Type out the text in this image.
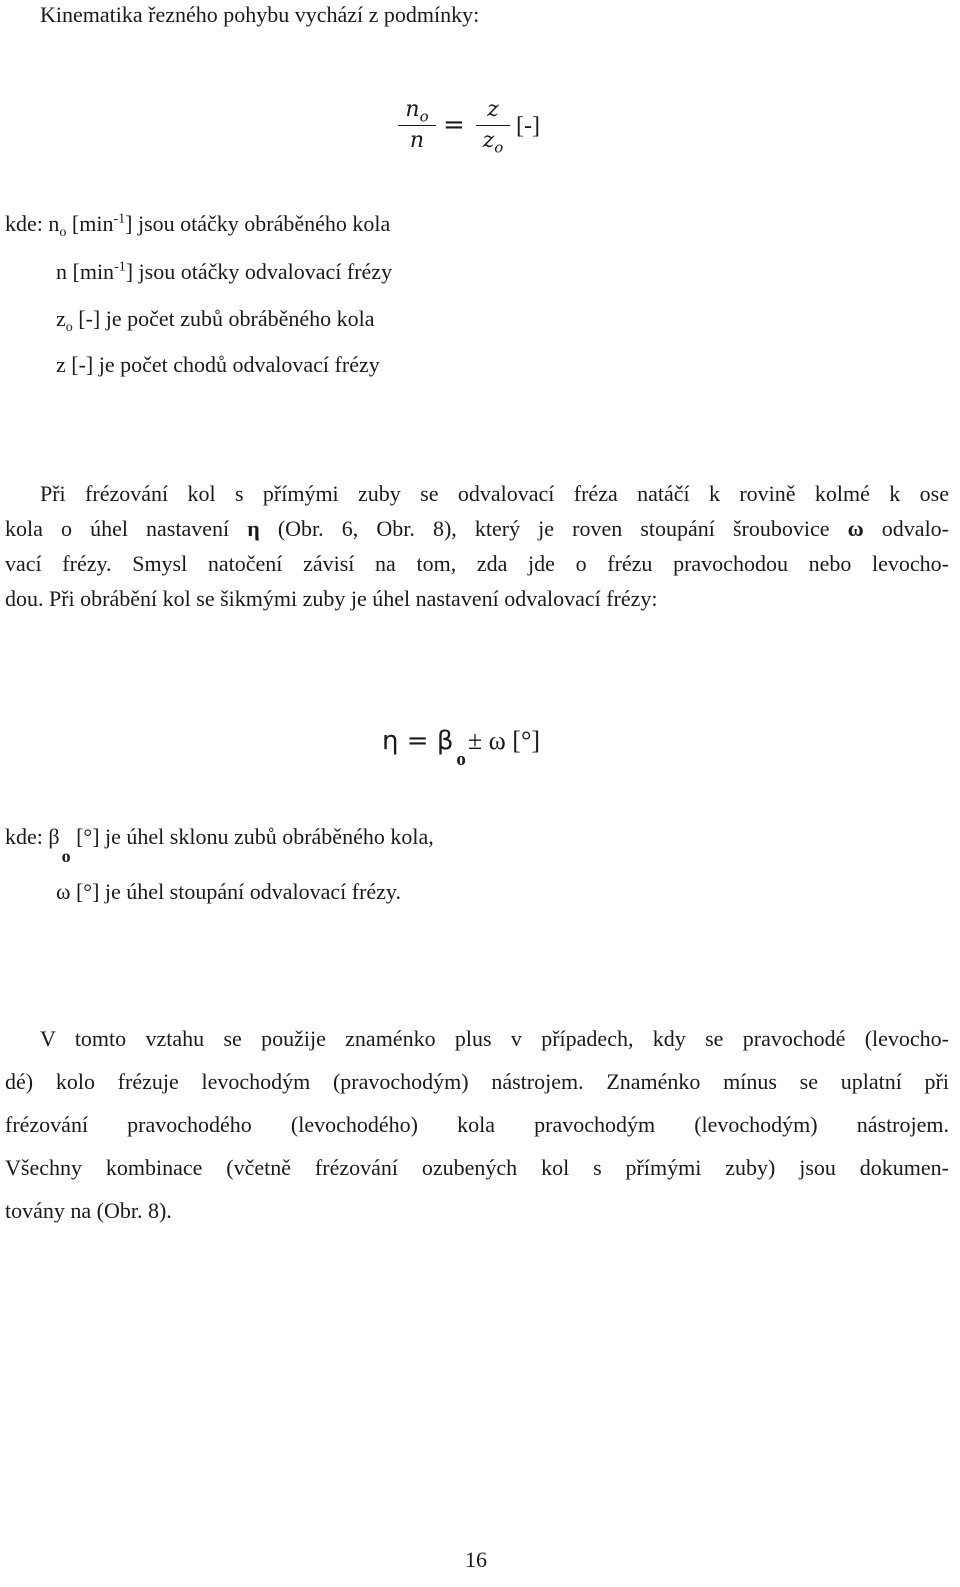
Kinematika řezného pohybu vychází z podmínky:
$n_o$
n
=
z
$z_o$
[-]
kde: $n_o$ $[\min^{-1}]$ jsou otáčky obráběného kola
n $[\min^{-1}]$ jsou otáčky odvalovací frézy
$z_o$ [-] je počet zubů obráběného kola
z [-] je počet chodů odvalovací frézy
Při frézování kol s přímými zuby se odvalovací fréza natáčí k rovině kolmé k ose
kola o úhel nastavení η (Obr. 6, Obr. 8), který je roven stoupání šroubovice ω odvalo-
vací frézy. Smysl natočení závisí na tom, zda jde o frézu pravochodou nebo levocho-
dou. Při obrábění kol se šikmými zuby je úhel nastavení odvalovací frézy:
$\eta = \beta_o\pm \omega$ [°]
kde: $\beta_o$ [°] je úhel sklonu zubů obráběného kola,
ω [°] je úhel stoupání odvalovací frézy.
V tomto vztahu se použije znaménko plus v případech, kdy se pravochodé (levocho-
dé) kolo frézuje levochodým (pravochodým) nástrojem. Znaménko mínus se uplatní při
frézování pravochodého (levochodého) kola pravochodým (levochodým) nástrojem.
Všechny kombinace (včetně frézování ozubených kol s přímými zuby) jsou dokumen-
továny na (Obr. 8).
16
